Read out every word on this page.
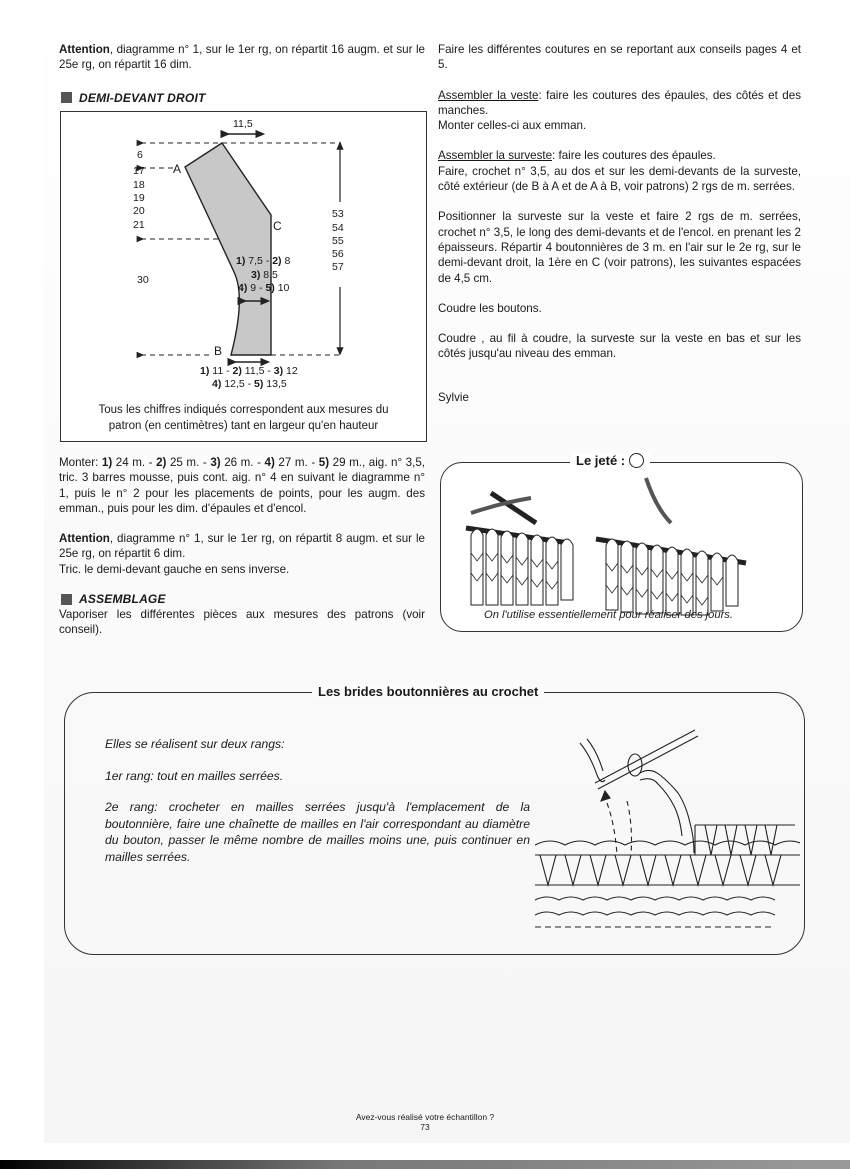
Attention, diagramme n° 1, sur le 1er rg, on répartit 16 augm. et sur le 25e rg, on répartit 16 dim.

DEMI-DEVANT DROIT
11,5
6
17
18
19
20
21
30
53
54
55
56
57
A
C
B
1) 7,5 - 2) 8
3) 8,5
4) 9 - 5) 10
1) 11 - 2) 11,5 - 3) 12
4) 12,5 - 5) 13,5
Tous les chiffres indiqués correspondent aux mesures du
patron (en centimètres) tant en largeur qu'en hauteur

Monter: 1) 24 m. - 2) 25 m. - 3) 26 m. - 4) 27 m. - 5) 29 m., aig. n° 3,5, tric. 3 barres mousse, puis cont. aig. n° 4 en suivant le diagramme n° 1, puis le n° 2 pour les placements de points, pour les augm. des emman., puis pour les dim. d'épaules et d'encol.

Attention, diagramme n° 1, sur le 1er rg, on répartit 8 augm. et sur le 25e rg, on répartit 6 dim.

Tric. le demi-devant gauche en sens inverse.

ASSEMBLAGE

Vaporiser les différentes pièces aux mesures des patrons (voir conseil).

Faire les différentes coutures en se reportant aux conseils pages 4 et 5.

Assembler la veste: faire les coutures des épaules, des côtés et des manches.

Monter celles-ci aux emman.

Assembler la surveste: faire les coutures des épaules.

Faire, crochet n° 3,5, au dos et sur les demi-devants de la surveste, côté extérieur (de B à A et de A à B, voir patrons) 2 rgs de m. serrées.

Positionner la surveste sur la veste et faire 2 rgs de m. serrées, crochet n° 3,5, le long des demi-devants et de l'encol. en prenant les 2 épaisseurs. Répartir 4 boutonnières de 3 m. en l'air sur le 2e rg, sur le demi-devant droit, la 1ère en C (voir patrons), les suivantes espacées de 4,5 cm.

Coudre les boutons.

Coudre , au fil à coudre, la surveste sur la veste en bas et sur les côtés jusqu'au niveau des emman.

Sylvie

Le jeté :
On l'utilise essentiellement pour réaliser des jours.
Les brides boutonnières au crochet

Elles se réalisent sur deux rangs:

1er rang: tout en mailles serrées.

2e rang: crocheter en mailles serrées jusqu'à l'emplacement de la boutonnière, faire une chaînette de mailles en l'air correspondant au diamètre du bouton, passer le même nombre de mailles moins une, puis continuer en mailles serrées.

Avez-vous réalisé votre échantillon ?
73
